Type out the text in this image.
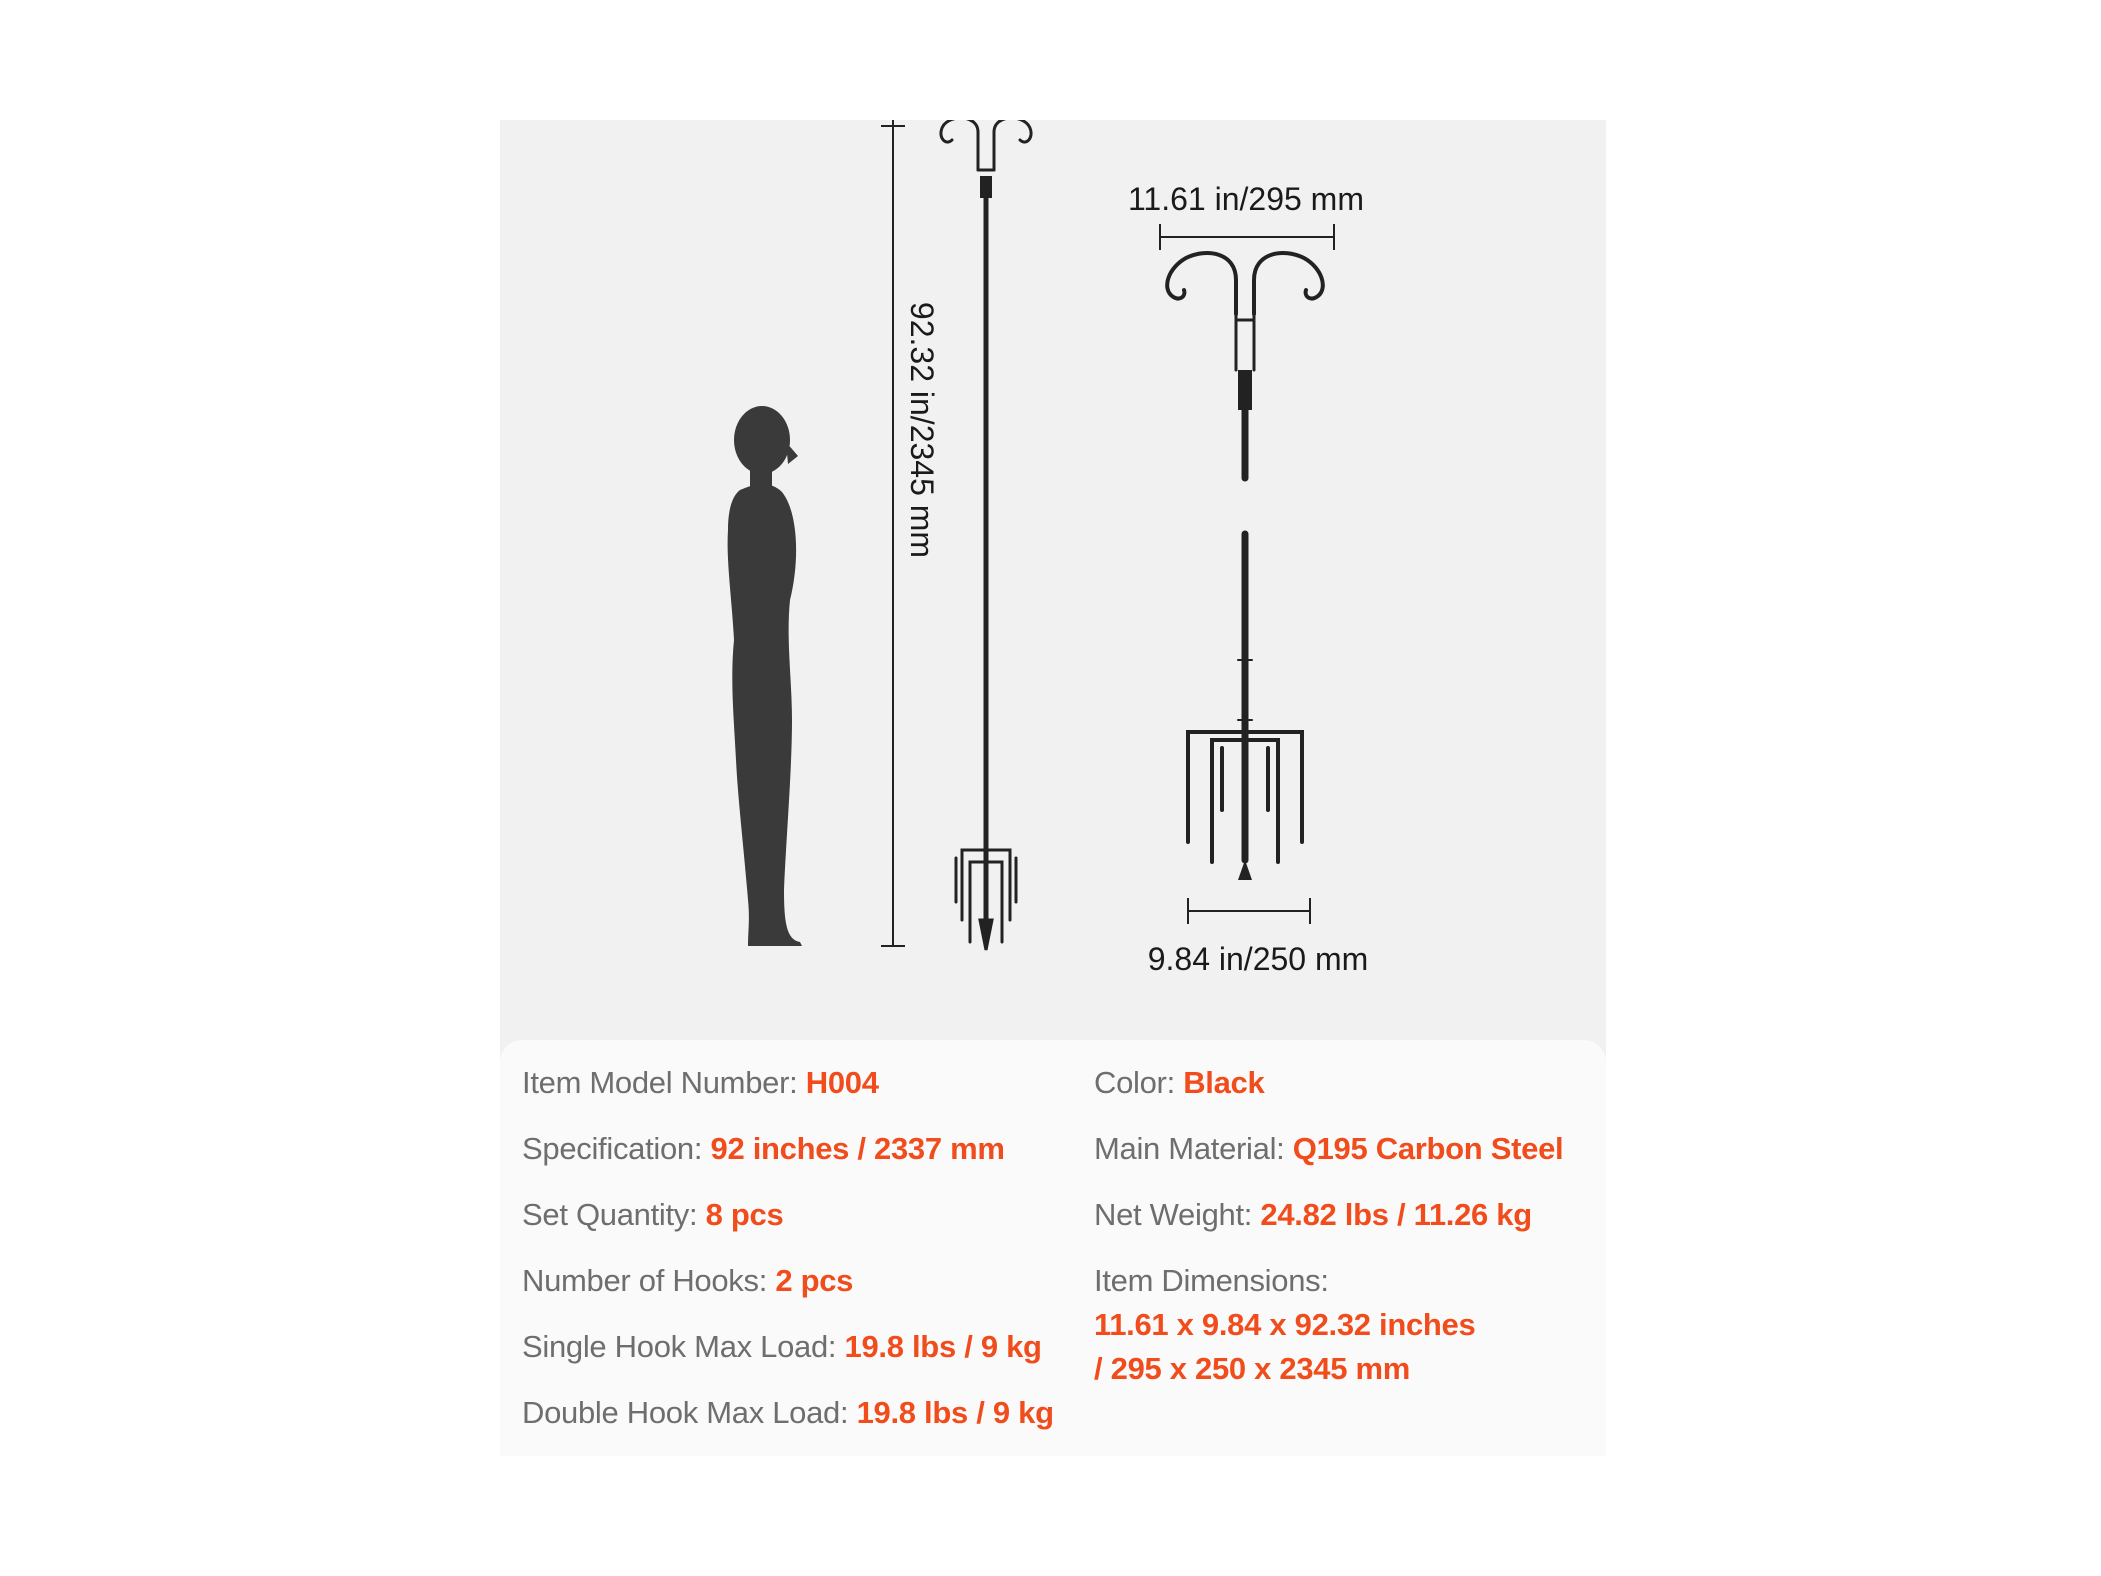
92.32 in/2345 mm
11.61 in/295 mm
9.84 in/250 mm
Item Model Number: H004
Specification: 92 inches / 2337 mm
Set Quantity: 8 pcs
Number of Hooks: 2 pcs
Single Hook Max Load: 19.8 lbs / 9 kg
Double Hook Max Load: 19.8 lbs / 9 kg
Color: Black
Main Material: Q195 Carbon Steel
Net Weight: 24.82 lbs / 11.26 kg
Item Dimensions:
11.61 x 9.84 x 92.32 inches
/ 295 x 250 x 2345 mm
